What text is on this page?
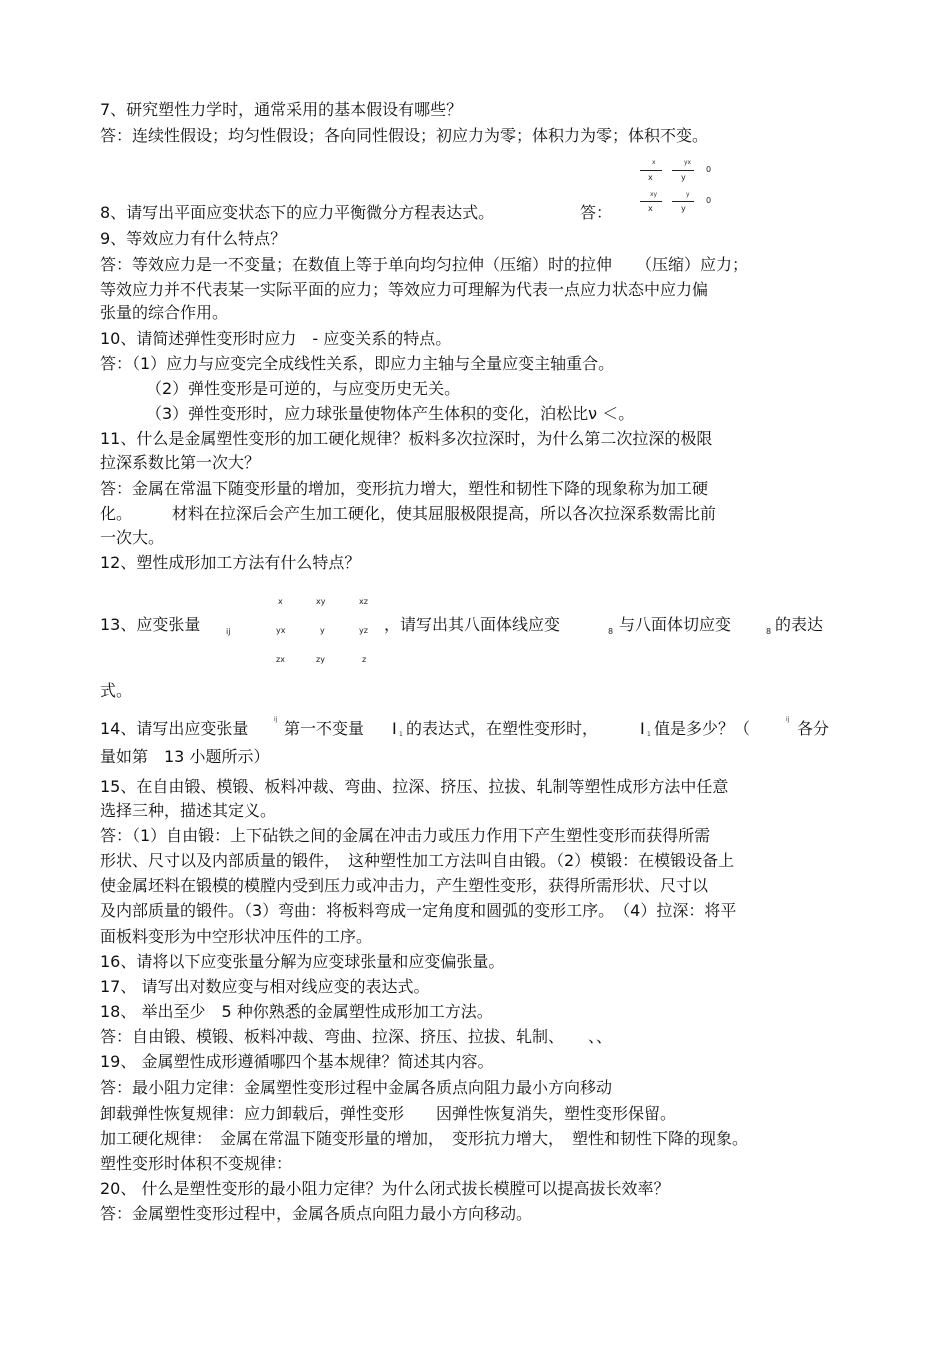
7、研究塑性力学时，通常采用的基本假设有哪些？
答：连续性假设；均匀性假设；各向同性假设；初应力为零；体积力为零；体积不变。
x
x
yx
y
0
xy
x
y
y
0
8、请写出平面应变状态下的应力平衡微分方程表达式。	答：
9、等效应力有什么特点？
答：等效应力是一不变量；在数值上等于单向均匀拉伸（压缩）时的拉伸　　（压缩）应力；
等效应力并不代表某一实际平面的应力；等效应力可理解为代表一点应力状态中应力偏
张量的综合作用。
10、请简述弹性变形时应力　- 应变关系的特点。
答：（1）应力与应变完全成线性关系，即应力主轴与全量应变主轴重合。
（2）弹性变形是可逆的，与应变历史无关。
（3）弹性变形时，应力球张量使物体产生体积的变化，泊松比ν ＜。
11、什么是金属塑性变形的加工硬化规律？板料多次拉深时，为什么第二次拉深的极限
拉深系数比第一次大？
答：金属在常温下随变形量的增加，变形抗力增大，塑性和韧性下降的现象称为加工硬
化。　　　材料在拉深后会产生加工硬化，使其屈服极限提高，所以各次拉深系数需比前
一次大。
12、塑性成形加工方法有什么特点？
13、应变张量	ij
x	xy	xz
yx	y	yz
zx	zy	z
，请写出其八面体线应变	8 与八面体切应变	8 的表达
式。
14、请写出应变张量	ij 第一不变量 I 1 的表达式，在塑性变形时，	I 1 值是多少？（	ij 各分
量如第　13 小题所示）
15、在自由锻、模锻、板料冲裁、弯曲、拉深、挤压、拉拔、轧制等塑性成形方法中任意
选择三种，描述其定义。
答：（1）自由锻：上下砧铁之间的金属在冲击力或压力作用下产生塑性变形而获得所需
形状、尺寸以及内部质量的锻件，　这种塑性加工方法叫自由锻。（2）模锻：在模锻设备上
使金属坯料在锻模的模膛内受到压力或冲击力，产生塑性变形，获得所需形状、尺寸以
及内部质量的锻件。（3）弯曲：将板料弯成一定角度和圆弧的变形工序。　（4）拉深：将平
面板料变形为中空形状冲压件的工序。
16、请将以下应变张量分解为应变球张量和应变偏张量。
17、 请写出对数应变与相对线应变的表达式。
18、 举出至少　5 种你熟悉的金属塑性成形加工方法。
答：自由锻、模锻、板料冲裁、弯曲、拉深、挤压、拉拔、轧制、　　、、
19、 金属塑性成形遵循哪四个基本规律？简述其内容。
答：最小阻力定律：金属塑性变形过程中金属各质点向阻力最小方向移动
卸载弹性恢复规律：应力卸载后，弹性变形　　因弹性恢复消失，塑性变形保留。
加工硬化规律：　金属在常温下随变形量的增加，　变形抗力增大，　塑性和韧性下降的现象。
塑性变形时体积不变规律：
20、 什么是塑性变形的最小阻力定律？为什么闭式拔长模膛可以提高拔长效率？
答：金属塑性变形过程中，金属各质点向阻力最小方向移动。
